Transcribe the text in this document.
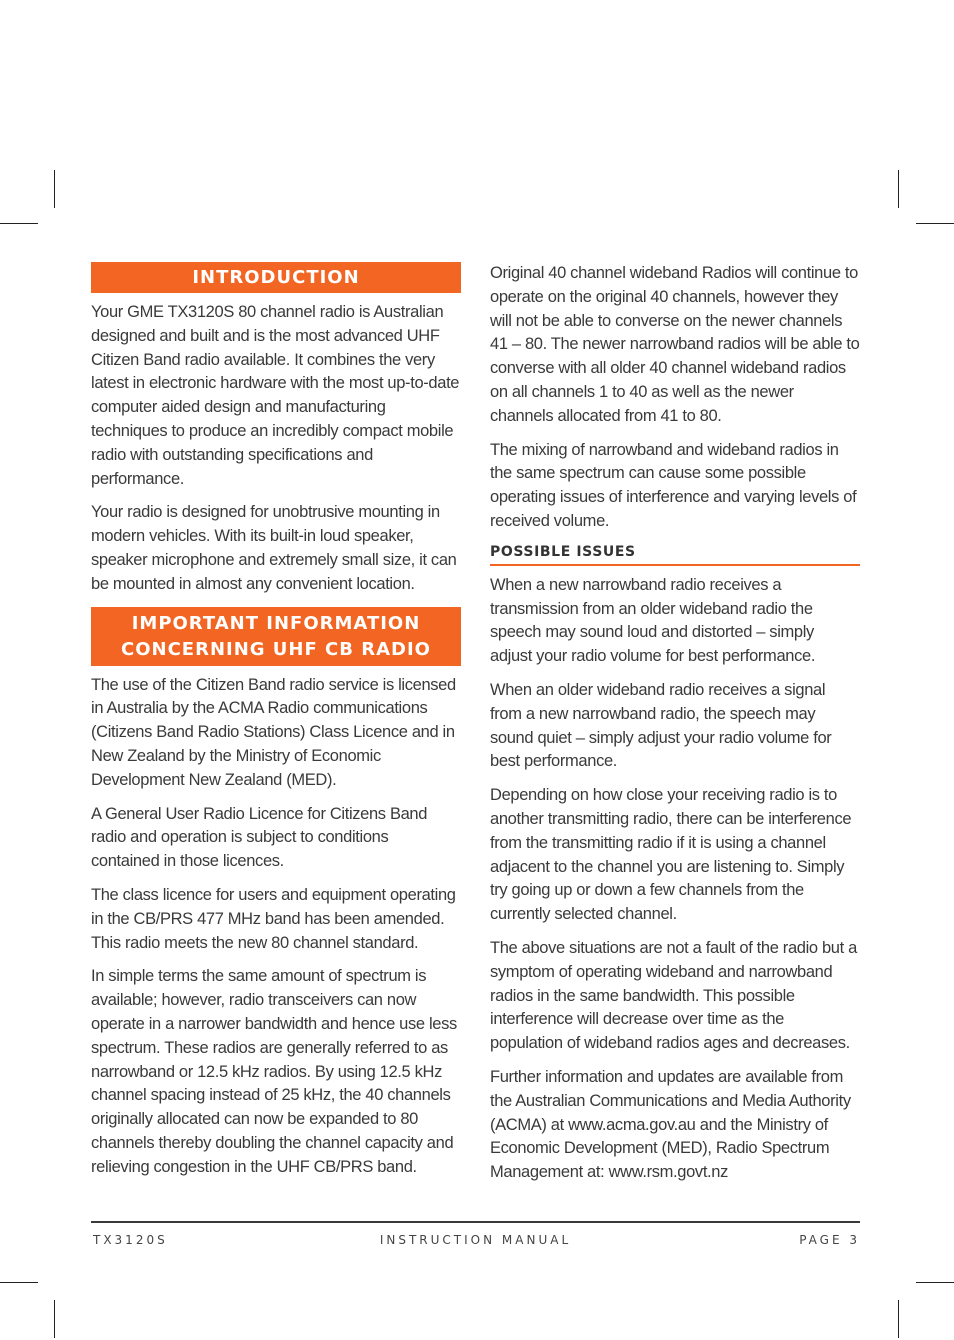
INTRODUCTION

Your GME TX3120S 80 channel radio is Australian designed and built and is the most advanced UHF Citizen Band radio available. It combines the very latest in electronic hardware with the most up-to-date computer aided design and manufacturing techniques to produce an incredibly compact mobile radio with outstanding specifications and performance.

Your radio is designed for unobtrusive mounting in modern vehicles. With its built-in loud speaker, speaker microphone and extremely small size, it can be mounted in almost any convenient location.

IMPORTANT INFORMATION
CONCERNING UHF CB RADIO

The use of the Citizen Band radio service is licensed in Australia by the ACMA Radio communications (Citizens Band Radio Stations) Class Licence and in New Zealand by the Ministry of Economic Development New Zealand (MED).

A General User Radio Licence for Citizens Band radio and operation is subject to conditions contained in those licences.

The class licence for users and equipment operating in the CB/PRS 477 MHz band has been amended. This radio meets the new 80 channel standard.

In simple terms the same amount of spectrum is available; however, radio transceivers can now operate in a narrower bandwidth and hence use less spectrum. These radios are generally referred to as narrowband or 12.5 kHz radios. By using 12.5 kHz channel spacing instead of 25 kHz, the 40 channels originally allocated can now be expanded to 80 channels thereby doubling the channel capacity and relieving congestion in the UHF CB/PRS band.

Original 40 channel wideband Radios will continue to operate on the original 40 channels, however they will not be able to converse on the newer channels 41 – 80. The newer narrowband radios will be able to converse with all older 40 channel wideband radios on all channels 1 to 40 as well as the newer channels allocated from 41 to 80.

The mixing of narrowband and wideband radios in the same spectrum can cause some possible operating issues of interference and varying levels of received volume.

POSSIBLE ISSUES

When a new narrowband radio receives a transmission from an older wideband radio the speech may sound loud and distorted – simply adjust your radio volume for best performance.

When an older wideband radio receives a signal from a new narrowband radio, the speech may sound quiet – simply adjust your radio volume for best performance.

Depending on how close your receiving radio is to another transmitting radio, there can be interference from the transmitting radio if it is using a channel adjacent to the channel you are listening to. Simply try going up or down a few channels from the currently selected channel.

The above situations are not a fault of the radio but a symptom of operating wideband and narrowband radios in the same bandwidth. This possible interference will decrease over time as the population of wideband radios ages and decreases.

Further information and updates are available from the Australian Communications and Media Authority (ACMA) at www.acma.gov.au and the Ministry of Economic Development (MED), Radio Spectrum Management at: www.rsm.govt.nz

TX3120S	INSTRUCTION MANUAL	PAGE 3
